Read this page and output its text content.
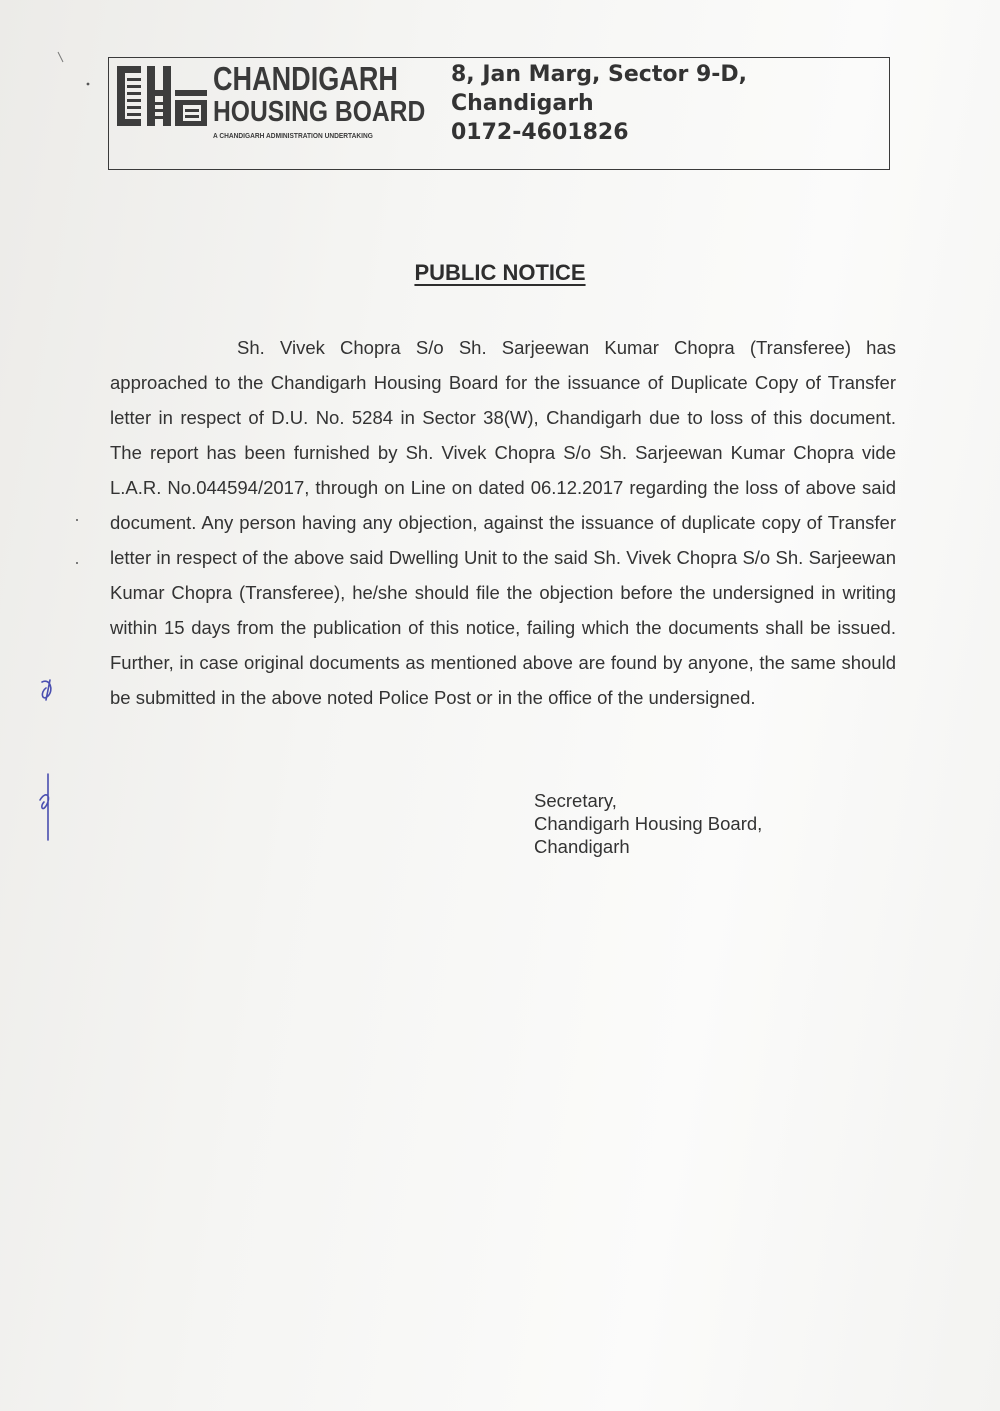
CHANDIGARH
HOUSING BOARD
A CHANDIGARH ADMINISTRATION UNDERTAKING
8, Jan Marg, Sector 9-D,
Chandigarh
0172-4601826
PUBLIC NOTICE

Sh. Vivek Chopra S/o Sh. Sarjeewan Kumar Chopra (Transferee) has approached to the Chandigarh Housing Board for the issuance of Duplicate Copy of Transfer letter in respect of D.U. No. 5284 in Sector 38(W), Chandigarh due to loss of this document. The report has been furnished by Sh. Vivek Chopra S/o Sh. Sarjeewan Kumar Chopra vide L.A.R. No.044594/2017, through on Line on dated 06.12.2017 regarding the loss of above said document. Any person having any objection, against the issuance of duplicate copy of Transfer letter in respect of the above said Dwelling Unit to the said Sh. Vivek Chopra S/o Sh. Sarjeewan Kumar Chopra (Transferee), he/she should file the objection before the undersigned in writing within 15 days from the publication of this notice, failing which the documents shall be issued. Further, in case original documents as mentioned above are found by anyone, the same should be submitted in the above noted Police Post or in the office of the undersigned.

Secretary,
Chandigarh Housing Board,
Chandigarh
